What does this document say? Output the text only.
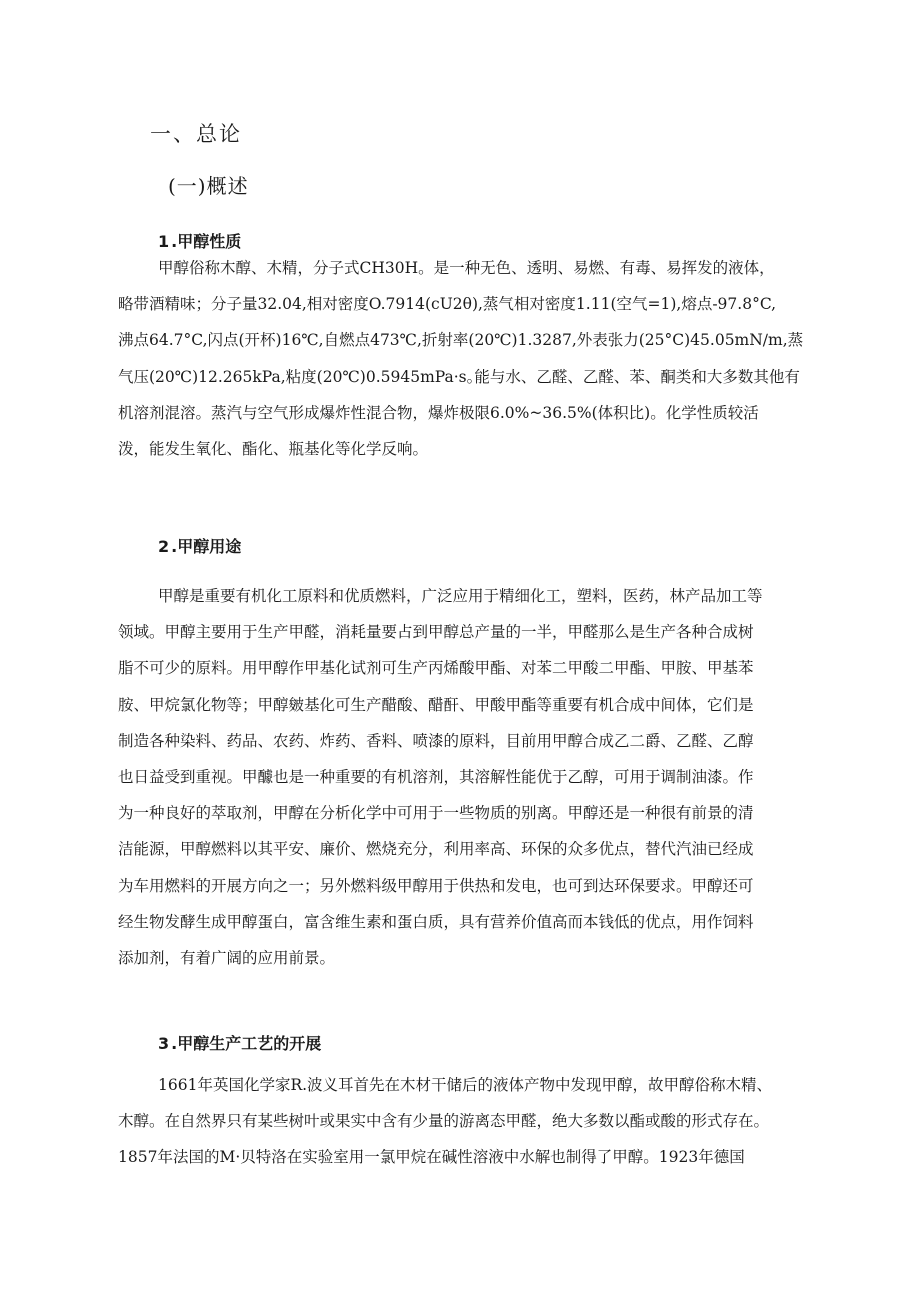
一、总论
(一)概述
1 .甲醇性质
甲醇俗称木醇、木精，分子式CH30H。是一种无色、透明、易燃、有毒、易挥发的液体，
略带酒精味；分子量32.04,相对密度O.7914(cU2θ),蒸气相对密度1.11(空气=1),熔点-97.8°C,
沸点64.7°C,闪点(开杯)16℃,自燃点473℃,折射率(20℃)1.3287,外表张力(25°C)45.05mN∕m,蒸
气压(20℃)12.265kPa,粘度(20℃)0.5945mPa·s｡能与水、乙醛、乙醛、苯、酮类和大多数其他有
机溶剂混溶。蒸汽与空气形成爆炸性混合物，爆炸极限6.0%~36.5%(体积比)。化学性质较活
泼，能发生氧化、酯化、瓶基化等化学反响。
2 .甲醇用途
甲醇是重要有机化工原料和优质燃料，广泛应用于精细化工，塑料，医药，林产品加工等
领域。甲醇主要用于生产甲醛，消耗量要占到甲醇总产量的一半，甲醛那么是生产各种合成树
脂不可少的原料。用甲醇作甲基化试剂可生产丙烯酸甲酯、对苯二甲酸二甲酯、甲胺、甲基苯
胺、甲烷氯化物等；甲醇皴基化可生产醋酸、醋酐、甲酸甲酯等重要有机合成中间体，它们是
制造各种染料、药品、农药、炸药、香料、喷漆的原料，目前用甲醇合成乙二爵、乙醛、乙醇
也日益受到重视。甲醵也是一种重要的有机溶剂，其溶解性能优于乙醇，可用于调制油漆。作
为一种良好的萃取剂，甲醇在分析化学中可用于一些物质的别离。甲醇还是一种很有前景的清
洁能源，甲醇燃料以其平安、廉价、燃烧充分，利用率高、环保的众多优点，替代汽油已经成
为车用燃料的开展方向之一；另外燃料级甲醇用于供热和发电，也可到达环保要求。甲醇还可
经生物发酵生成甲醇蛋白，富含维生素和蛋白质，具有营养价值高而本钱低的优点，用作饲料
添加剂，有着广阔的应用前景。
3 .甲醇生产工艺的开展
1661年英国化学家R.波义耳首先在木材干储后的液体产物中发现甲醇，故甲醇俗称木精、
木醇。在自然界只有某些树叶或果实中含有少量的游离态甲醛，绝大多数以酯或酸的形式存在。
1857年法国的M·贝特洛在实验室用一氯甲烷在碱性溶液中水解也制得了甲醇。1923年德国
